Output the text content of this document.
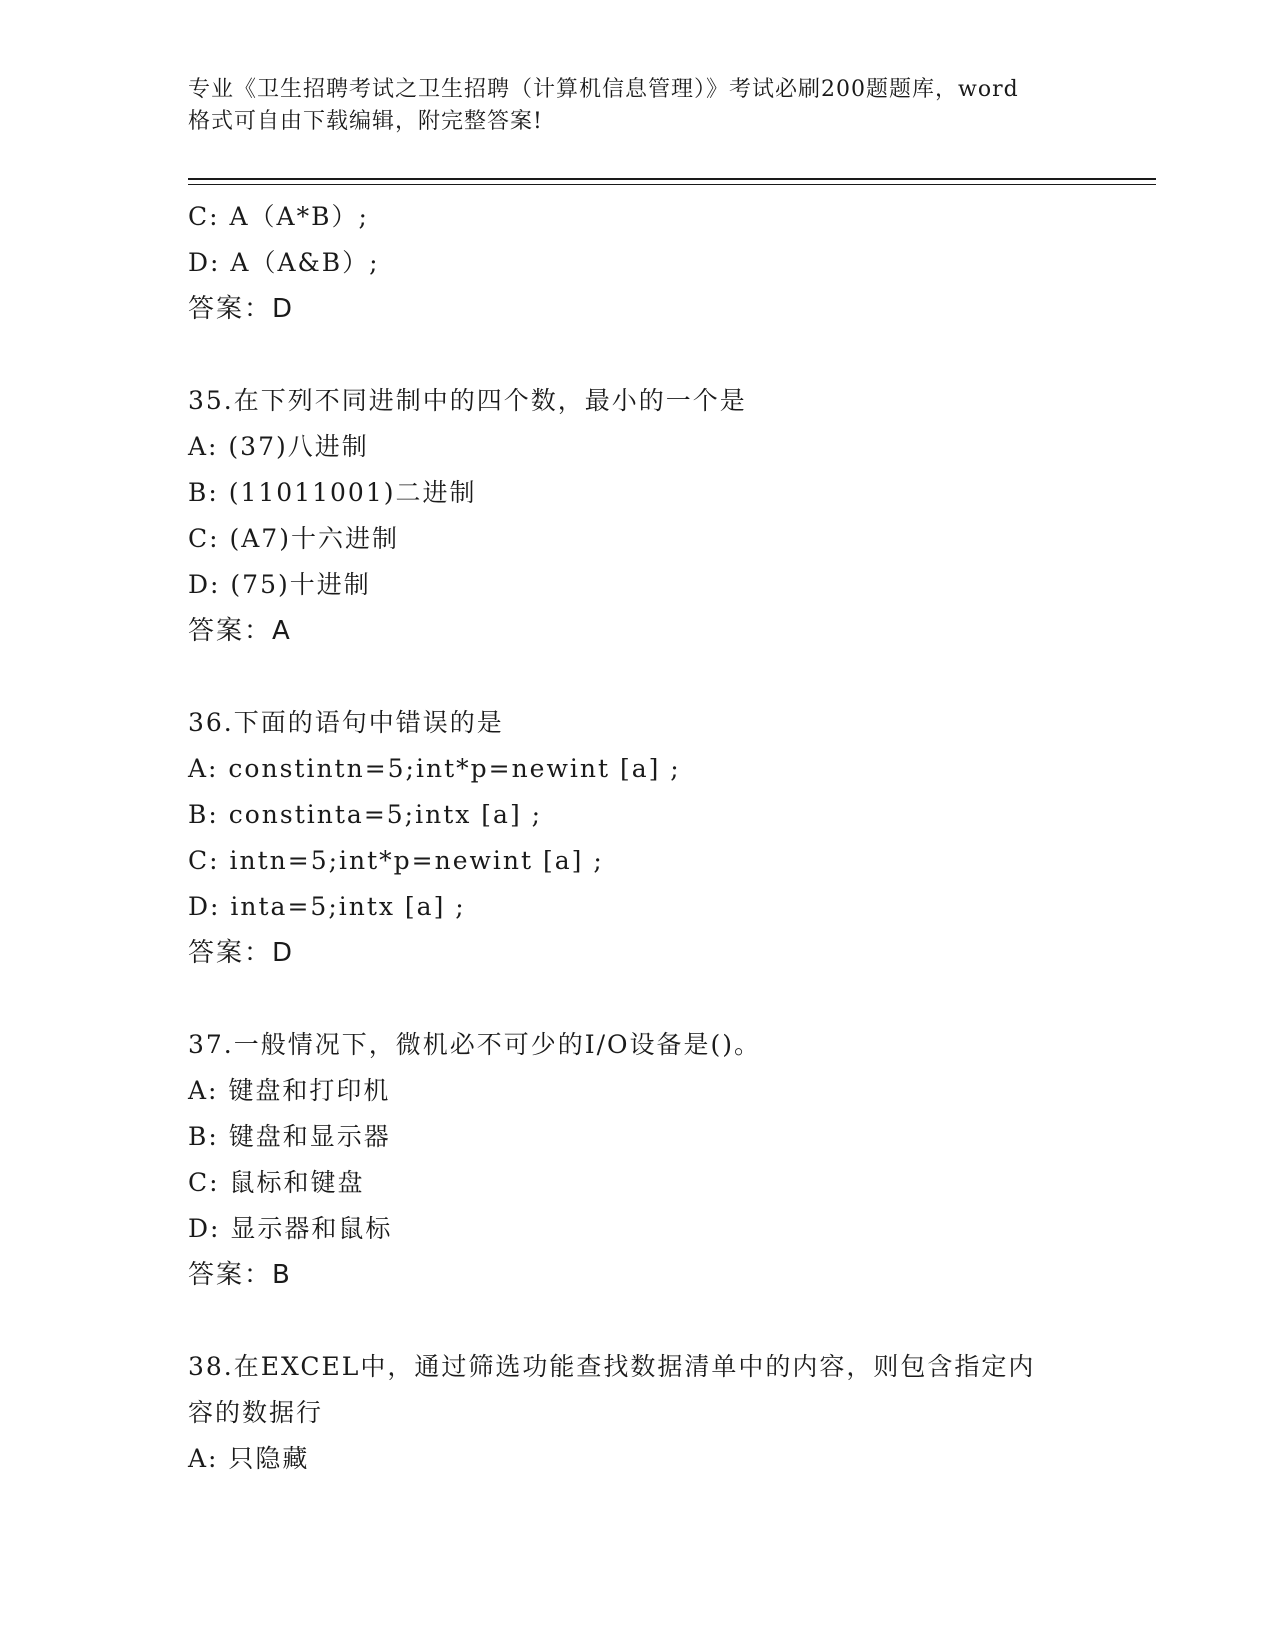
专业《卫生招聘考试之卫生招聘（计算机信息管理）》考试必刷200题题库，word
格式可自由下载编辑，附完整答案!
C: A（A*B）;
D: A（A&B）;
答案：D
35.在下列不同进制中的四个数，最小的一个是
A: (37)八进制
B: (11011001)二进制
C: (A7)十六进制
D: (75)十进制
答案：A
36.下面的语句中错误的是
A: constintn=5;int*p=newint [a] ;
B: constinta=5;intx [a] ;
C: intn=5;int*p=newint [a] ;
D: inta=5;intx [a] ;
答案：D
37.一般情况下，微机必不可少的I/O设备是()。
A: 键盘和打印机
B: 键盘和显示器
C: 鼠标和键盘
D: 显示器和鼠标
答案：B
38.在EXCEL中，通过筛选功能查找数据清单中的内容，则包含指定内
容的数据行
A: 只隐藏
